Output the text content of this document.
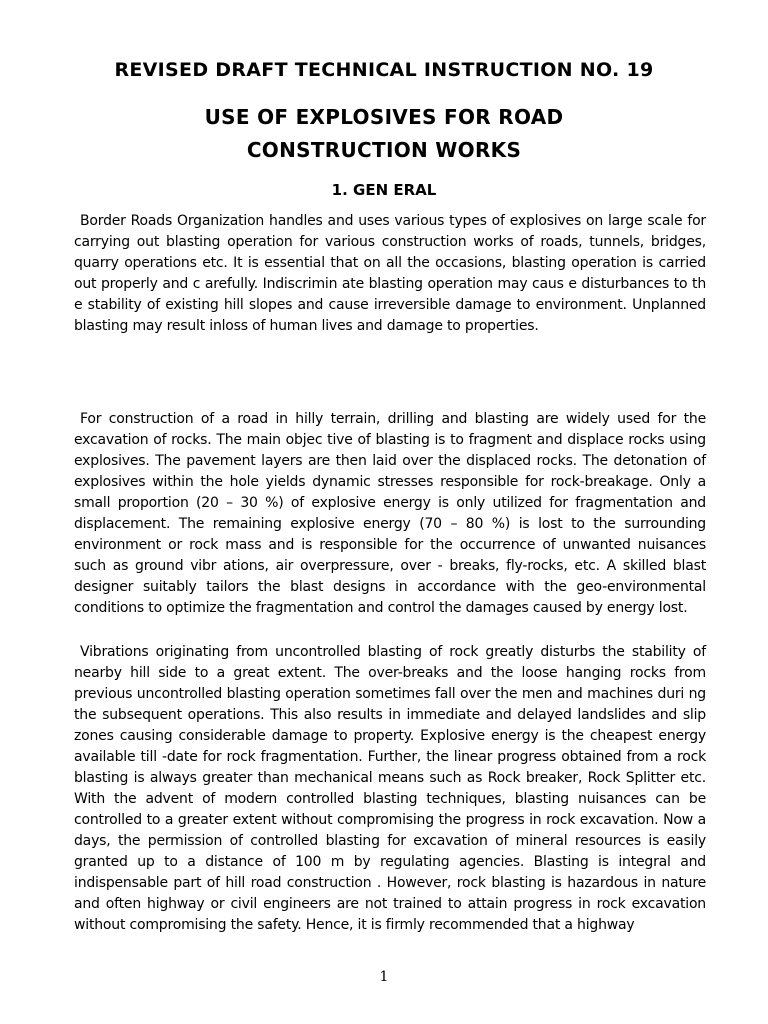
REVISED DRAFT TECHNICAL INSTRUCTION NO. 19
USE OF EXPLOSIVES FOR ROAD
CONSTRUCTION WORKS
1. GEN ERAL

Border Roads Organization handles and uses various types of explosives on large scale for carrying out blasting operation for various construction works of roads, tunnels, bridges, quarry operations etc. It is essential that on all the occasions, blasting operation is carried out properly and c arefully. Indiscrimin ate blasting operation may caus e disturbances to th e stability of existing hill slopes and cause irreversible damage to environment. Unplanned blasting may result inloss of human lives and damage to properties.

For construction of a road in hilly terrain, drilling and blasting are widely used for the excavation of rocks. The main objec tive of blasting is to fragment and displace rocks using explosives. The pavement layers are then laid over the displaced rocks. The detonation of explosives within the hole yields dynamic stresses responsible for rock-breakage. Only a small proportion (20 – 30 %) of explosive energy is only utilized for fragmentation and displacement. The remaining explosive energy (70 – 80 %) is lost to the surrounding environment or rock mass and is responsible for the occurrence of unwanted nuisances such as ground vibr ations, air overpressure, over - breaks, fly-rocks, etc. A skilled blast designer suitably tailors the blast designs in accordance with the geo-environmental conditions to optimize the fragmentation and control the damages caused by energy lost.

Vibrations originating from uncontrolled blasting of rock greatly disturbs the stability of nearby hill side to a great extent. The over-breaks and the loose hanging rocks from previous uncontrolled blasting operation sometimes fall over the men and machines duri ng the subsequent operations. This also results in immediate and delayed landslides and slip zones causing considerable damage to property. Explosive energy is the cheapest energy available till -date for rock fragmentation. Further, the linear progress obtained from a rock blasting is always greater than mechanical means such as Rock breaker, Rock Splitter etc. With the advent of modern controlled blasting techniques, blasting nuisances can be controlled to a greater extent without compromising the progress in rock excavation. Now a days, the permission of controlled blasting for excavation of mineral resources is easily granted up to a distance of 100 m by regulating agencies. Blasting is integral and indispensable part of hill road construction . However, rock blasting is hazardous in nature and often highway or civil engineers are not trained to attain progress in rock excavation without compromising the safety. Hence, it is firmly recommended that a highway

1
